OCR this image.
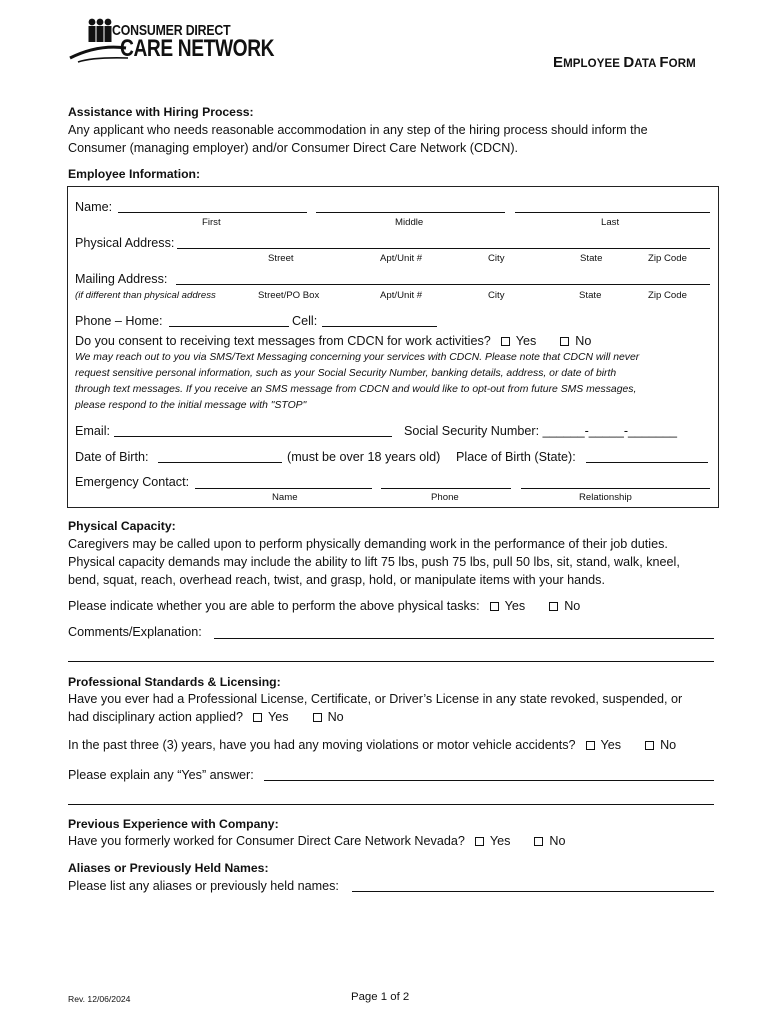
CONSUMER DIRECT
CARE NETWORK
EMPLOYEE DATA FORM
Assistance with Hiring Process:
Any applicant who needs reasonable accommodation in any step of the hiring process should inform the
Consumer (managing employer) and/or Consumer Direct Care Network (CDCN).
Employee Information:
Name:
First	Middle	Last
Physical Address:
Street	Apt/Unit #	City	State	Zip Code
Mailing Address:
(if different than physical address	Street/PO Box	Apt/Unit #	City	State	Zip Code
Phone – Home:	Cell:
Do you consent to receiving text messages from CDCN for work activities? Yes	No
We may reach out to you via SMS/Text Messaging concerning your services with CDCN. Please note that CDCN will never
request sensitive personal information, such as your Social Security Number, banking details, address, or date of birth
through text messages. If you receive an SMS message from CDCN and would like to opt-out from future SMS messages,
please respond to the initial message with "STOP"
Email:	Social Security Number: ______-_____-_______
Date of Birth:	(must be over 18 years old) Place of Birth (State):
Emergency Contact:
Name	Phone	Relationship
Physical Capacity:
Caregivers may be called upon to perform physically demanding work in the performance of their job duties.
Physical capacity demands may include the ability to lift 75 lbs, push 75 lbs, pull 50 lbs, sit, stand, walk, kneel,
bend, squat, reach, overhead reach, twist, and grasp, hold, or manipulate items with your hands.
Please indicate whether you are able to perform the above physical tasks: Yes	No
Comments/Explanation:
Professional Standards & Licensing:
Have you ever had a Professional License, Certificate, or Driver’s License in any state revoked, suspended, or
had disciplinary action applied? Yes	No
In the past three (3) years, have you had any moving violations or motor vehicle accidents? Yes	No
Please explain any “Yes” answer:
Previous Experience with Company:
Have you formerly worked for Consumer Direct Care Network Nevada? Yes	No
Aliases or Previously Held Names:
Please list any aliases or previously held names:
Rev. 12/06/2024	Page 1 of 2
